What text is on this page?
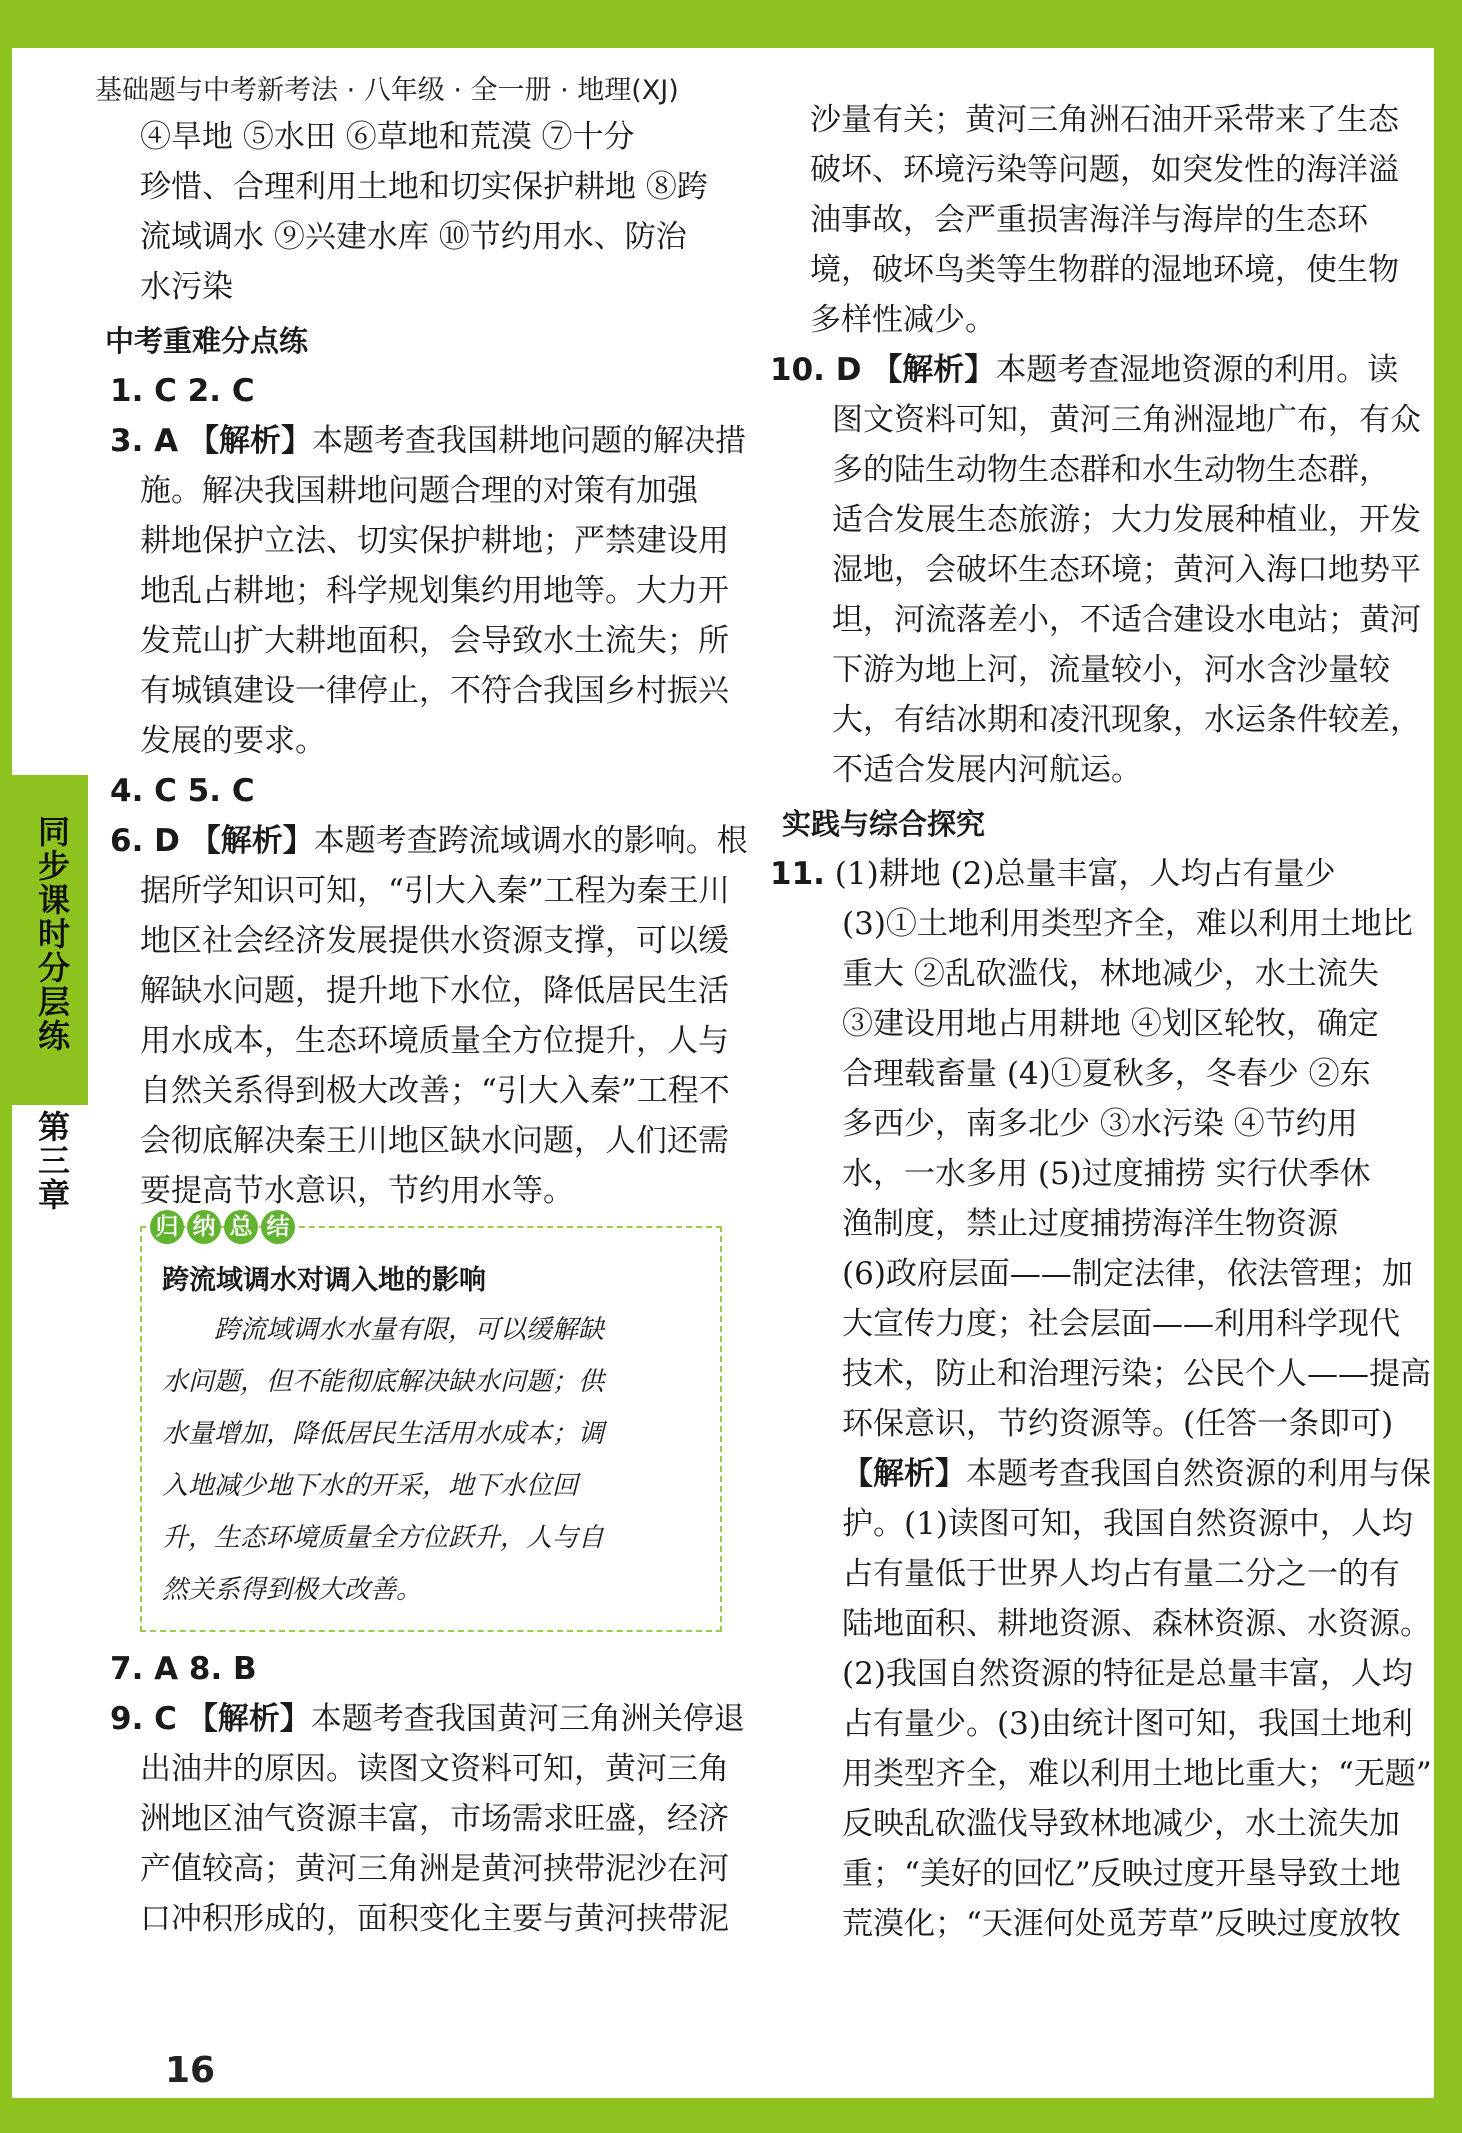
基础题与中考新考法 · 八年级 · 全一册 · 地理(XJ)
同步课时分层练
第三章
④旱地 ⑤水田 ⑥草地和荒漠 ⑦十分
珍惜、合理利用土地和切实保护耕地 ⑧跨
流域调水 ⑨兴建水库 ⑩节约用水、防治
水污染
中考重难分点练
1. C 2. C
3. A 【解析】本题考查我国耕地问题的解决措
施。解决我国耕地问题合理的对策有加强
耕地保护立法、切实保护耕地；严禁建设用
地乱占耕地；科学规划集约用地等。大力开
发荒山扩大耕地面积，会导致水土流失；所
有城镇建设一律停止，不符合我国乡村振兴
发展的要求。
4. C 5. C
6. D 【解析】本题考查跨流域调水的影响。根
据所学知识可知，“引大入秦”工程为秦王川
地区社会经济发展提供水资源支撑，可以缓
解缺水问题，提升地下水位，降低居民生活
用水成本，生态环境质量全方位提升，人与
自然关系得到极大改善；“引大入秦”工程不
会彻底解决秦王川地区缺水问题，人们还需
要提高节水意识，节约用水等。
归 纳 总 结
跨流域调水对调入地的影响
跨流域调水水量有限，可以缓解缺
水问题，但不能彻底解决缺水问题；供
水量增加，降低居民生活用水成本；调
入地减少地下水的开采，地下水位回
升，生态环境质量全方位跃升，人与自
然关系得到极大改善。
7. A 8. B
9. C 【解析】本题考查我国黄河三角洲关停退
出油井的原因。读图文资料可知，黄河三角
洲地区油气资源丰富，市场需求旺盛，经济
产值较高；黄河三角洲是黄河挟带泥沙在河
口冲积形成的，面积变化主要与黄河挟带泥
沙量有关；黄河三角洲石油开采带来了生态
破坏、环境污染等问题，如突发性的海洋溢
油事故，会严重损害海洋与海岸的生态环
境，破坏鸟类等生物群的湿地环境，使生物
多样性减少。
10. D 【解析】本题考查湿地资源的利用。读
图文资料可知，黄河三角洲湿地广布，有众
多的陆生动物生态群和水生动物生态群，
适合发展生态旅游；大力发展种植业，开发
湿地，会破坏生态环境；黄河入海口地势平
坦，河流落差小，不适合建设水电站；黄河
下游为地上河，流量较小，河水含沙量较
大，有结冰期和凌汛现象，水运条件较差，
不适合发展内河航运。
实践与综合探究
11. (1)耕地 (2)总量丰富，人均占有量少
(3)①土地利用类型齐全，难以利用土地比
重大 ②乱砍滥伐，林地减少，水土流失
③建设用地占用耕地 ④划区轮牧，确定
合理载畜量 (4)①夏秋多，冬春少 ②东
多西少，南多北少 ③水污染 ④节约用
水，一水多用 (5)过度捕捞 实行伏季休
渔制度，禁止过度捕捞海洋生物资源
(6)政府层面——制定法律，依法管理；加
大宣传力度；社会层面——利用科学现代
技术，防止和治理污染；公民个人——提高
环保意识，节约资源等。(任答一条即可)
【解析】本题考查我国自然资源的利用与保
护。(1)读图可知，我国自然资源中，人均
占有量低于世界人均占有量二分之一的有
陆地面积、耕地资源、森林资源、水资源。
(2)我国自然资源的特征是总量丰富，人均
占有量少。(3)由统计图可知，我国土地利
用类型齐全，难以利用土地比重大；“无题”
反映乱砍滥伐导致林地减少，水土流失加
重；“美好的回忆”反映过度开垦导致土地
荒漠化；“天涯何处觅芳草”反映过度放牧
16
